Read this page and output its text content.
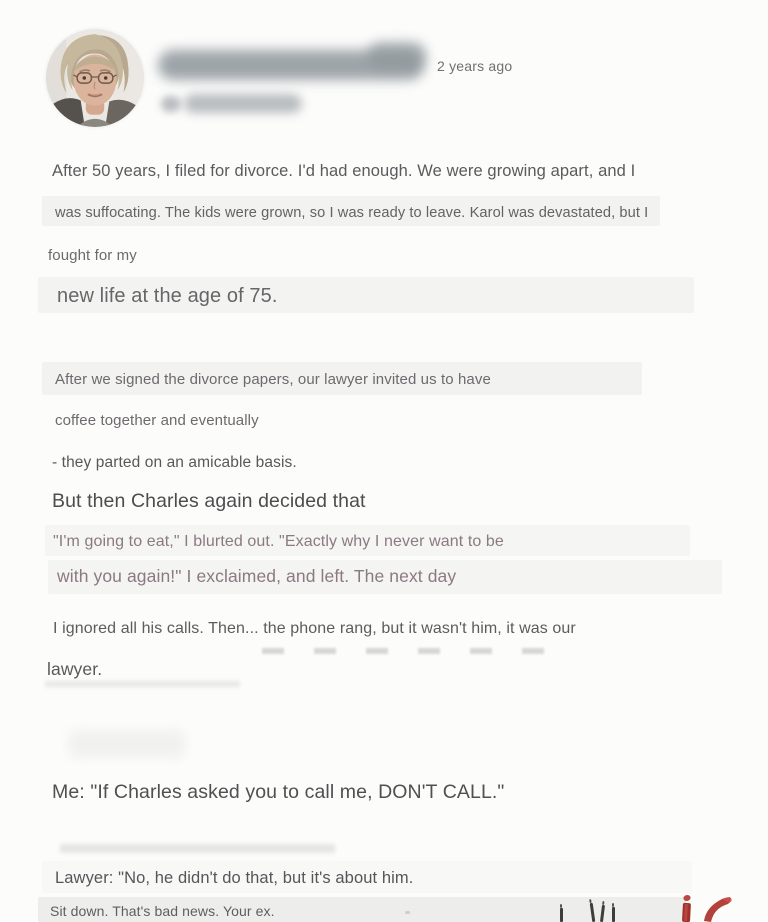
2 years ago

After 50 years, I filed for divorce. I'd had enough. We were growing apart, and I

was suffocating. The kids were grown, so I was ready to leave. Karol was devastated, but I

fought for my

new life at the age of 75.

After we signed the divorce papers, our lawyer invited us to have

coffee together and eventually

- they parted on an amicable basis.

But then Charles again decided that

"I'm going to eat," I blurted out. "Exactly why I never want to be

with you again!" I exclaimed, and left. The next day

I ignored all his calls. Then... the phone rang, but it wasn't him, it was our

lawyer.

Me: "If Charles asked you to call me, DON'T CALL."

Lawyer: "No, he didn't do that, but it's about him.

Sit down. That's bad news. Your ex.
